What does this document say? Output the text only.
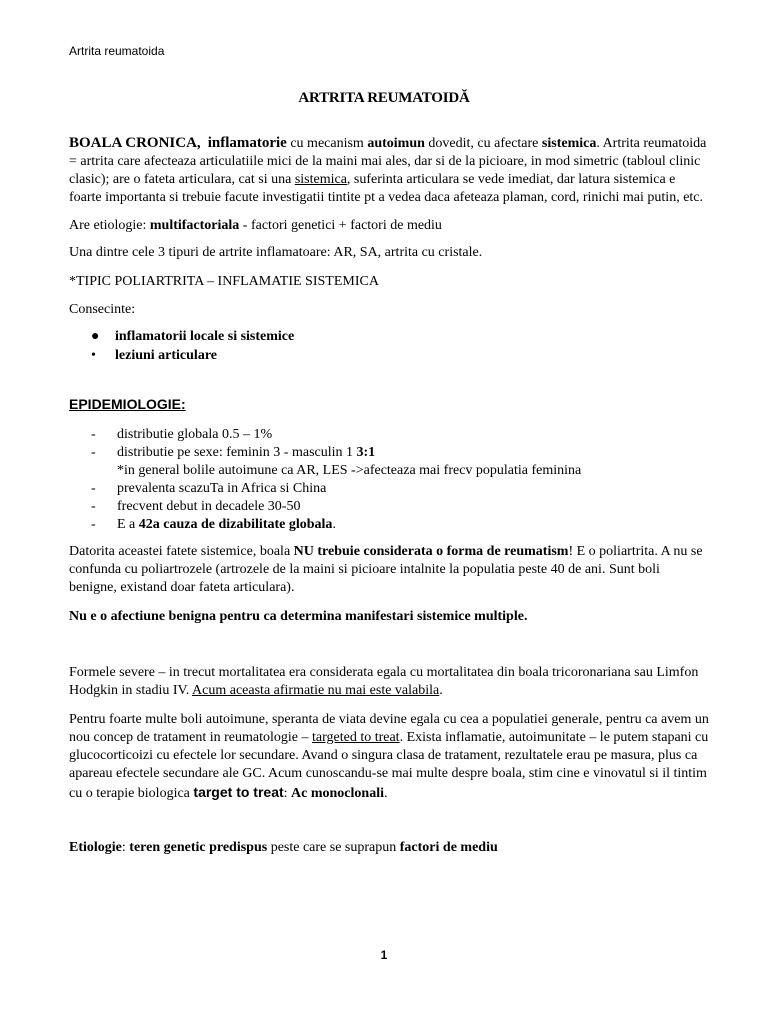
Artrita reumatoida
ARTRITA REUMATOIDĂ

BOALA CRONICA, inflamatorie cu mecanism autoimun dovedit, cu afectare sistemica. Artrita reumatoida = artrita care afecteaza articulatiile mici de la maini mai ales, dar si de la picioare, in mod simetric (tabloul clinic clasic); are o fateta articulara, cat si una sistemica, suferinta articulara se vede imediat, dar latura sistemica e foarte importanta si trebuie facute investigatii tintite pt a vedea daca afeteaza plaman, cord, rinichi mai putin, etc.

Are etiologie: multifactoriala - factori genetici + factori de mediu

Una dintre cele 3 tipuri de artrite inflamatoare: AR, SA, artrita cu cristale.

*TIPIC POLIARTRITA – INFLAMATIE SISTEMICA

Consecinte:

● inflamatorii locale si sistemice
• leziuni articulare

EPIDEMIOLOGIE:

- distributie globala 0.5 – 1%
- distributie pe sexe: feminin 3 - masculin 1 3:1
*in general bolile autoimune ca AR, LES ->afecteaza mai frecv populatia feminina
- prevalenta scazuTa in Africa si China
- frecvent debut in decadele 30-50
- E a 42a cauza de dizabilitate globala.

Datorita aceastei fatete sistemice, boala NU trebuie considerata o forma de reumatism! E o poliartrita. A nu se confunda cu poliartrozele (artrozele de la maini si picioare intalnite la populatia peste 40 de ani. Sunt boli benigne, existand doar fateta articulara).

Nu e o afectiune benigna pentru ca determina manifestari sistemice multiple.

Formele severe – in trecut mortalitatea era considerata egala cu mortalitatea din boala tricoronariana sau Limfon Hodgkin in stadiu IV. Acum aceasta afirmatie nu mai este valabila.

Pentru foarte multe boli autoimune, speranta de viata devine egala cu cea a populatiei generale, pentru ca avem un nou concep de tratament in reumatologie – targeted to treat. Exista inflamatie, autoimunitate – le putem stapani cu glucocorticoizi cu efectele lor secundare. Avand o singura clasa de tratament, rezultatele erau pe masura, plus ca apareau efectele secundare ale GC. Acum cunoscandu-se mai multe despre boala, stim cine e vinovatul si il tintim cu o terapie biologica target to treat: Ac monoclonali.

Etiologie: teren genetic predispus peste care se suprapun factori de mediu

1
